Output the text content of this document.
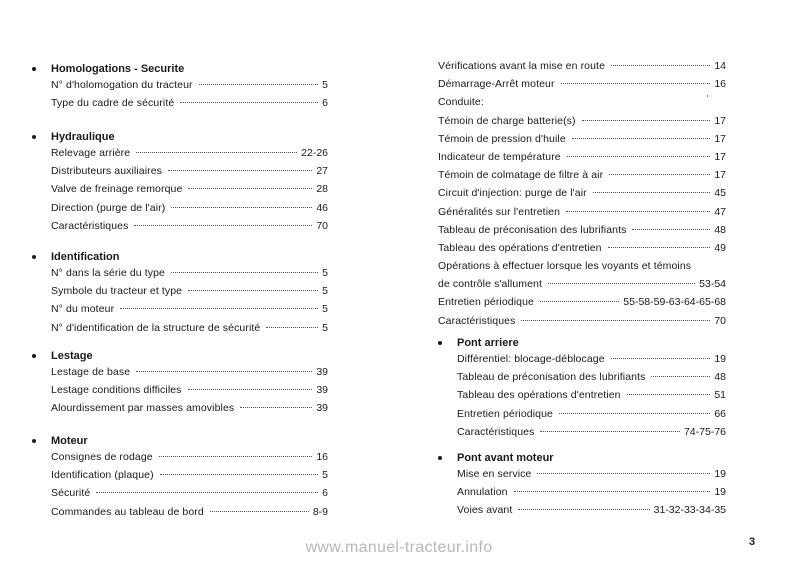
Homologations - Securite
N° d'holomogation du tracteur	5
Type du cadre de sécurité	6
Hydraulique
Relevage arrière	22-26
Distributeurs auxiliaires	27
Valve de freinage remorque	28
Direction (purge de l'air)	46
Caractéristiques	70
Identification
N° dans la série du type	5
Symbole du tracteur et type	5
N° du moteur	5
N° d'identification de la structure de sécurité	5
Lestage
Lestage de base	39
Lestage conditions difficiles	39
Alourdissement par masses amovibles	39
Moteur
Consignes de rodage	16
Identification (plaque)	5
Sécurité	6
Commandes au tableau de bord	8-9
Vérifications avant la mise en route	14
Démarrage-Arrêt moteur	16
Conduite:
Témoin de charge batterie(s)	17
Témoin de pression d'huile	17
Indicateur de température	17
Témoin de colmatage de filtre à air	17
Circuit d'injection: purge de l'air	45
Généralités sur l'entretien	47
Tableau de préconisation des lubrifiants	48
Tableau des opérations d'entretien	49
Opérations à effectuer lorsque les voyants et témoins
de contrôle s'allument	53-54
Entretien périodique	55-58-59-63-64-65-68
Caractéristiques	70
Pont arriere
Différentiel: blocage-déblocage	19
Tableau de préconisation des lubrifiants	48
Tableau des opérations d'entretien	51
Entretien périodique	66
Caractéristiques	74-75-76
Pont avant moteur
Mise en service	19
Annulation	19
Voies avant	31-32-33-34-35
www.manuel-tracteur.info	3
